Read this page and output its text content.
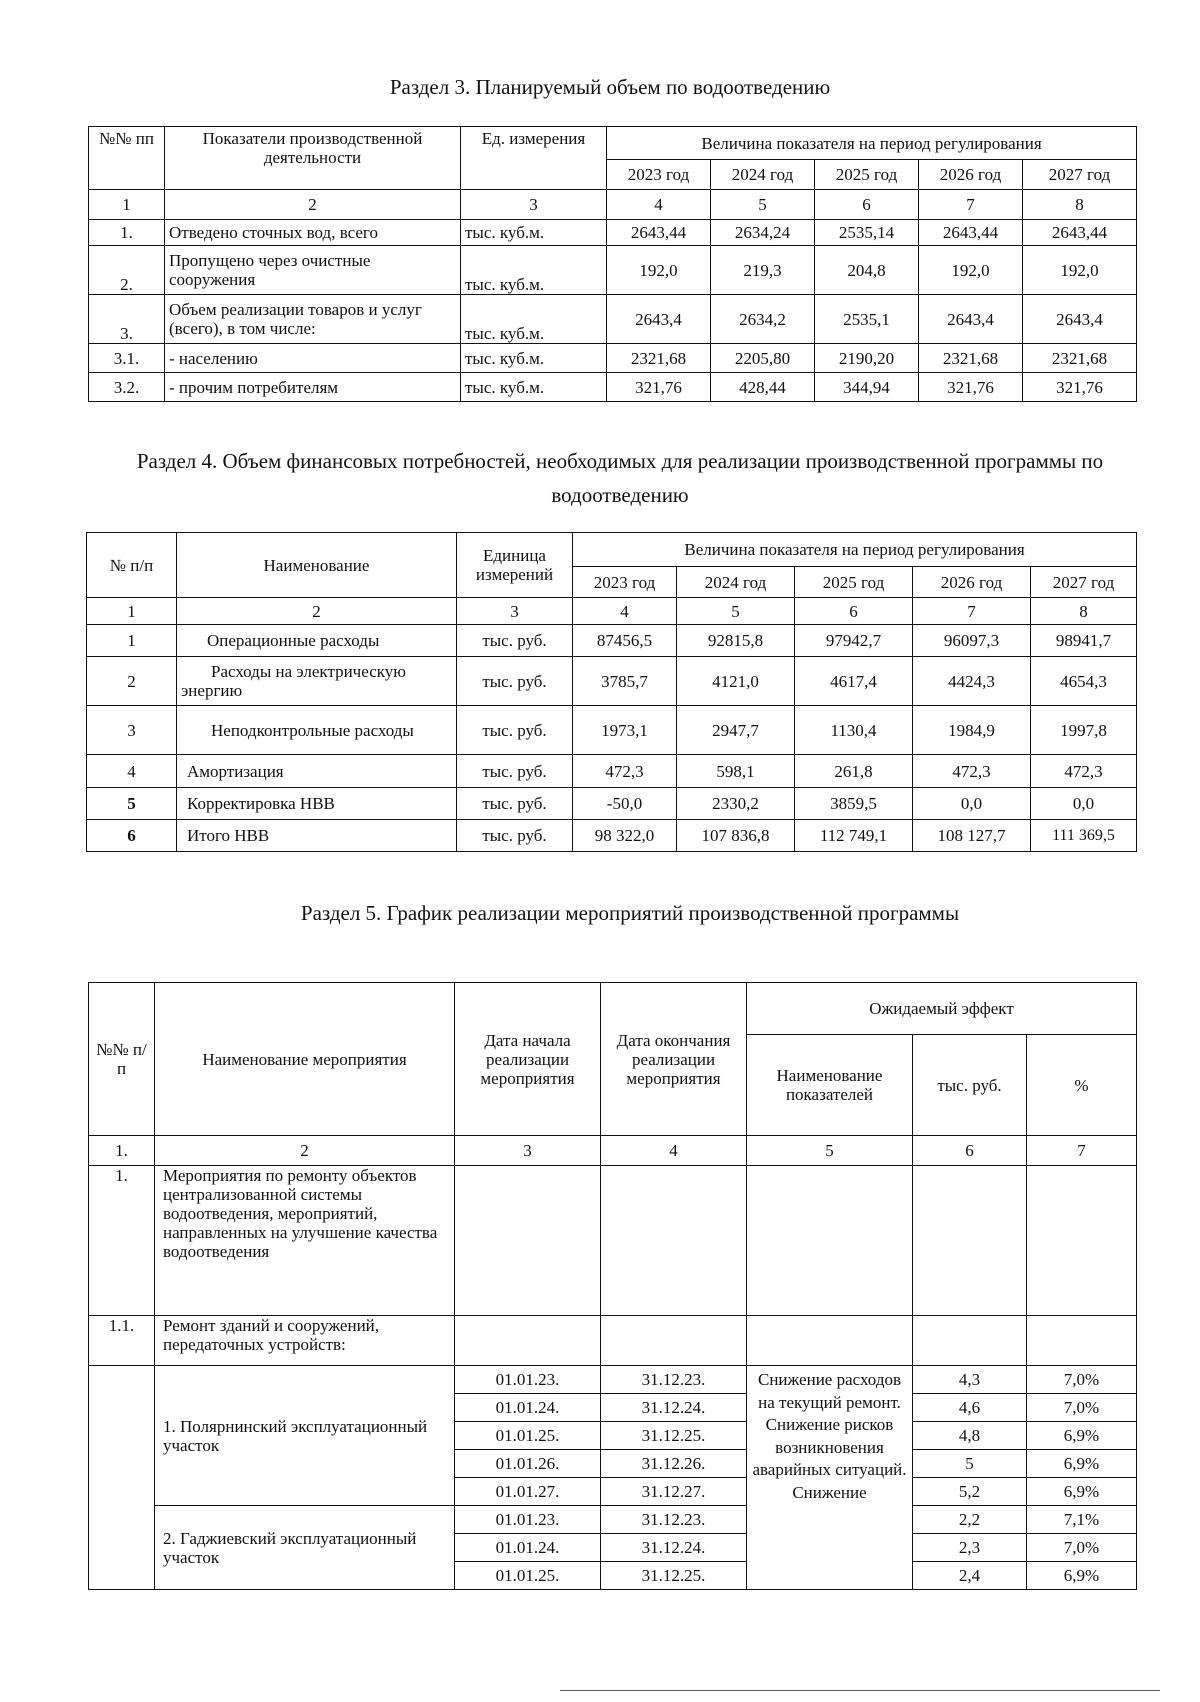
Раздел 3. Планируемый объем по водоотведению
№№ пп	Показатели производственной деятельности	Ед. измерения	Величина показателя на период регулирования				
			2023 год	2024 год	2025 год	2026 год	2027 год
1	2	3	4	5	6	7	8
1.	Отведено сточных вод, всего	тыс. куб.м.	2643,44	2634,24	2535,14	2643,44	2643,44
2.	Пропущено через очистные сооружения	тыс. куб.м.	192,0	219,3	204,8	192,0	192,0
3.	Объем реализации товаров и услуг (всего), в том числе:	тыс. куб.м.	2643,4	2634,2	2535,1	2643,4	2643,4
3.1.	- населению	тыс. куб.м.	2321,68	2205,80	2190,20	2321,68	2321,68
3.2.	- прочим потребителям	тыс. куб.м.	321,76	428,44	344,94	321,76	321,76
Раздел 4. Объем финансовых потребностей, необходимых для реализации производственной программы по водоотведению
№ п/п	Наименование	Единица измерений	Величина показателя на период регулирования				
			2023 год	2024 год	2025 год	2026 год	2027 год
1	2	3	4	5	6	7	8
1	Операционные расходы	тыс. руб.	87456,5	92815,8	97942,7	96097,3	98941,7
2	Расходы на электрическую энергию	тыс. руб.	3785,7	4121,0	4617,4	4424,3	4654,3
3	Неподконтрольные расходы	тыс. руб.	1973,1	2947,7	1130,4	1984,9	1997,8
4	Амортизация	тыс. руб.	472,3	598,1	261,8	472,3	472,3
5	Корректировка НВВ	тыс. руб.	-50,0	2330,2	3859,5	0,0	0,0
6	Итого НВВ	тыс. руб.	98 322,0	107 836,8	112 749,1	108 127,7	111 369,5
Раздел 5. График реализации мероприятий производственной программы
№№ п/п	Наименование мероприятия	Дата начала реализации мероприятия	Дата окончания реализации мероприятия	Ожидаемый эффект		
				Наименование показателей	тыс. руб.	%
1.	2	3	4	5	6	7
1.	Мероприятия по ремонту объектов централизованной системы водоотведения, мероприятий, направленных на улучшение качества водоотведения					
1.1.	Ремонт зданий и сооружений, передаточных устройств:					
	1. Полярнинский эксплуатационный участок	01.01.23.	31.12.23.	Снижение расходов на текущий ремонт. Снижение рисков возникновения аварийных ситуаций. Снижение	4,3	7,0%
		01.01.24.	31.12.24.		4,6	7,0%
		01.01.25.	31.12.25.		4,8	6,9%
		01.01.26.	31.12.26.		5	6,9%
		01.01.27.	31.12.27.		5,2	6,9%
	2. Гаджиевский эксплуатационный участок	01.01.23.	31.12.23.		2,2	7,1%
		01.01.24.	31.12.24.		2,3	7,0%
		01.01.25.	31.12.25.		2,4	6,9%
